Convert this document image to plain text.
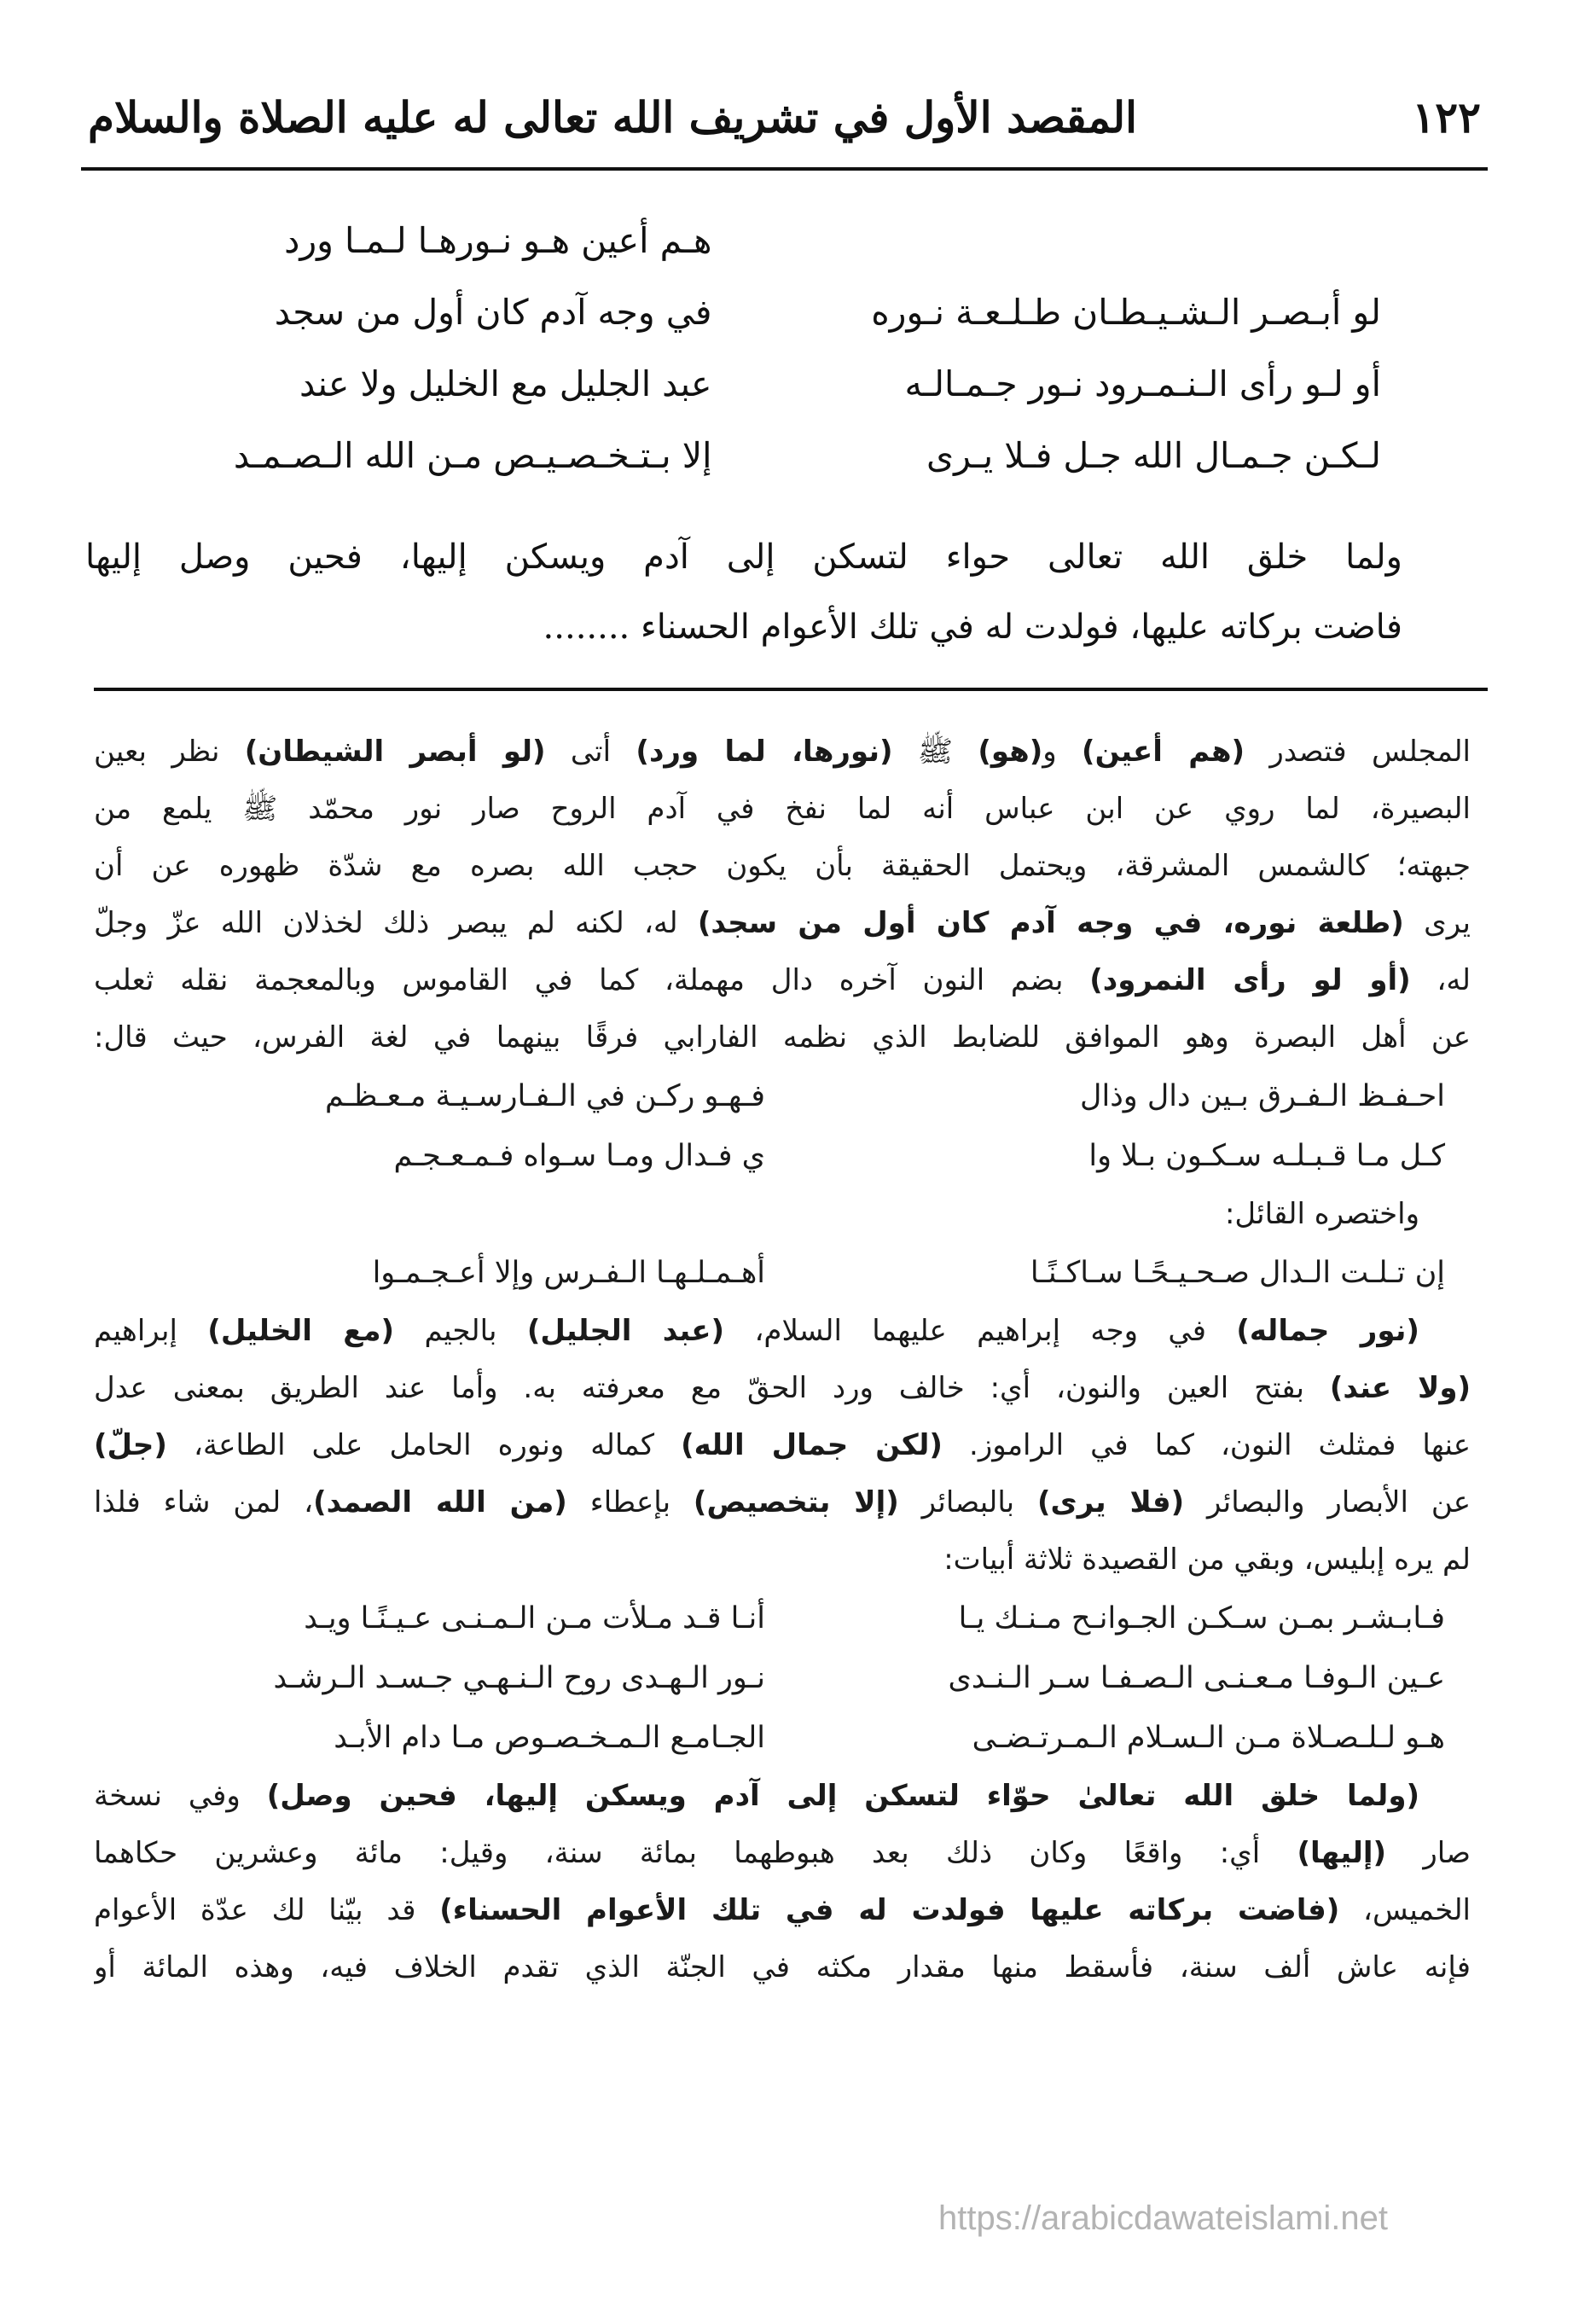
١٢٢
المقصد الأول في تشريف الله تعالى له عليه الصلاة والسلام
هـم أعين هـو نـورهـا لـمـا ورد
لو أبـصـر الـشـيـطـان طـلـعـة نـوره
في وجه آدم كان أول من سجد
أو لـو رأى الـنـمـرود نـور جـمـالـه
عبد الجليل مع الخليل ولا عند
لـكـن جـمـال الله جـل فـلا يـرى
إلا بـتـخـصـيـص مـن الله الـصـمـد
ولما خلق الله تعالى حواء لتسكن إلى آدم ويسكن إليها، فحين وصل إليها
فاضت بركاته عليها، فولدت له في تلك الأعوام الحسناء ........
المجلس فتصدر (هم أعين) و(هو) ﷺ (نورها، لما ورد) أتى (لو أبصر الشيطان) نظر بعين
البصيرة، لما روي عن ابن عباس أنه لما نفخ في آدم الروح صار نور محمّد ﷺ يلمع من
جبهته؛ كالشمس المشرقة، ويحتمل الحقيقة بأن يكون حجب الله بصره مع شدّة ظهوره عن أن
يرى (طلعة نوره، في وجه آدم كان أول من سجد) له، لكنه لم يبصر ذلك لخذلان الله عزّ وجلّ
له، (أو لو رأى النمرود) بضم النون آخره دال مهملة، كما في القاموس وبالمعجمة نقله ثعلب
عن أهل البصرة وهو الموافق للضابط الذي نظمه الفارابي فرقًا بينهما في لغة الفرس، حيث قال:
احـفـظ الـفـرق بـين دال وذال
فـهـو ركـن في الـفـارسـيـة مـعـظـم
كـل مـا قـبـلـه سـكـون بـلا وا
ي فـدال ومـا سـواه فـمـعـجـم
واختصره القائل:
إن تـلـت الـدال صـحـيـحًـا سـاكـنًـا
أهـمـلـهـا الـفـرس وإلا أعـجـمـوا
(نور جماله) في وجه إبراهيم عليهما السلام، (عبد الجليل) بالجيم (مع الخليل) إبراهيم
(ولا عند) بفتح العين والنون، أي: خالف ورد الحقّ مع معرفته به. وأما عند الطريق بمعنى عدل
عنها فمثلث النون، كما في الراموز. (لكن جمال الله) كماله ونوره الحامل على الطاعة، (جلّ)
عن الأبصار والبصائر (فلا يرى) بالبصائر (إلا بتخصيص) بإعطاء (من الله الصمد)، لمن شاء فلذا
لم يره إبليس، وبقي من القصيدة ثلاثة أبيات:
فـابـشـر بمـن سـكـن الجـوانـح مـنـك يـا
أنـا قـد مـلأت مـن الـمـنـى عـيـنًـا ويـد
عـين الـوفـا مـعـنـى الـصـفـا سـر الـنـدى
نـور الـهـدى روح الـنـهـي جـسـد الـرشـد
هـو لـلـصـلاة مـن الـسـلام الـمـرتـضـى
الجـامـع الـمـخـصـوص مـا دام الأبـد
(ولما خلق الله تعالىٰ حوّاء لتسكن إلى آدم ويسكن إليها، فحين وصل) وفي نسخة
صار (إليها) أي: واقعًا وكان ذلك بعد هبوطهما بمائة سنة، وقيل: مائة وعشرين حكاهما
الخميس، (فاضت بركاته عليها فولدت له في تلك الأعوام الحسناء) قد بيّنا لك عدّة الأعوام
فإنه عاش ألف سنة، فأسقط منها مقدار مكثه في الجنّة الذي تقدم الخلاف فيه، وهذه المائة أو
https://arabicdawateislami.net
